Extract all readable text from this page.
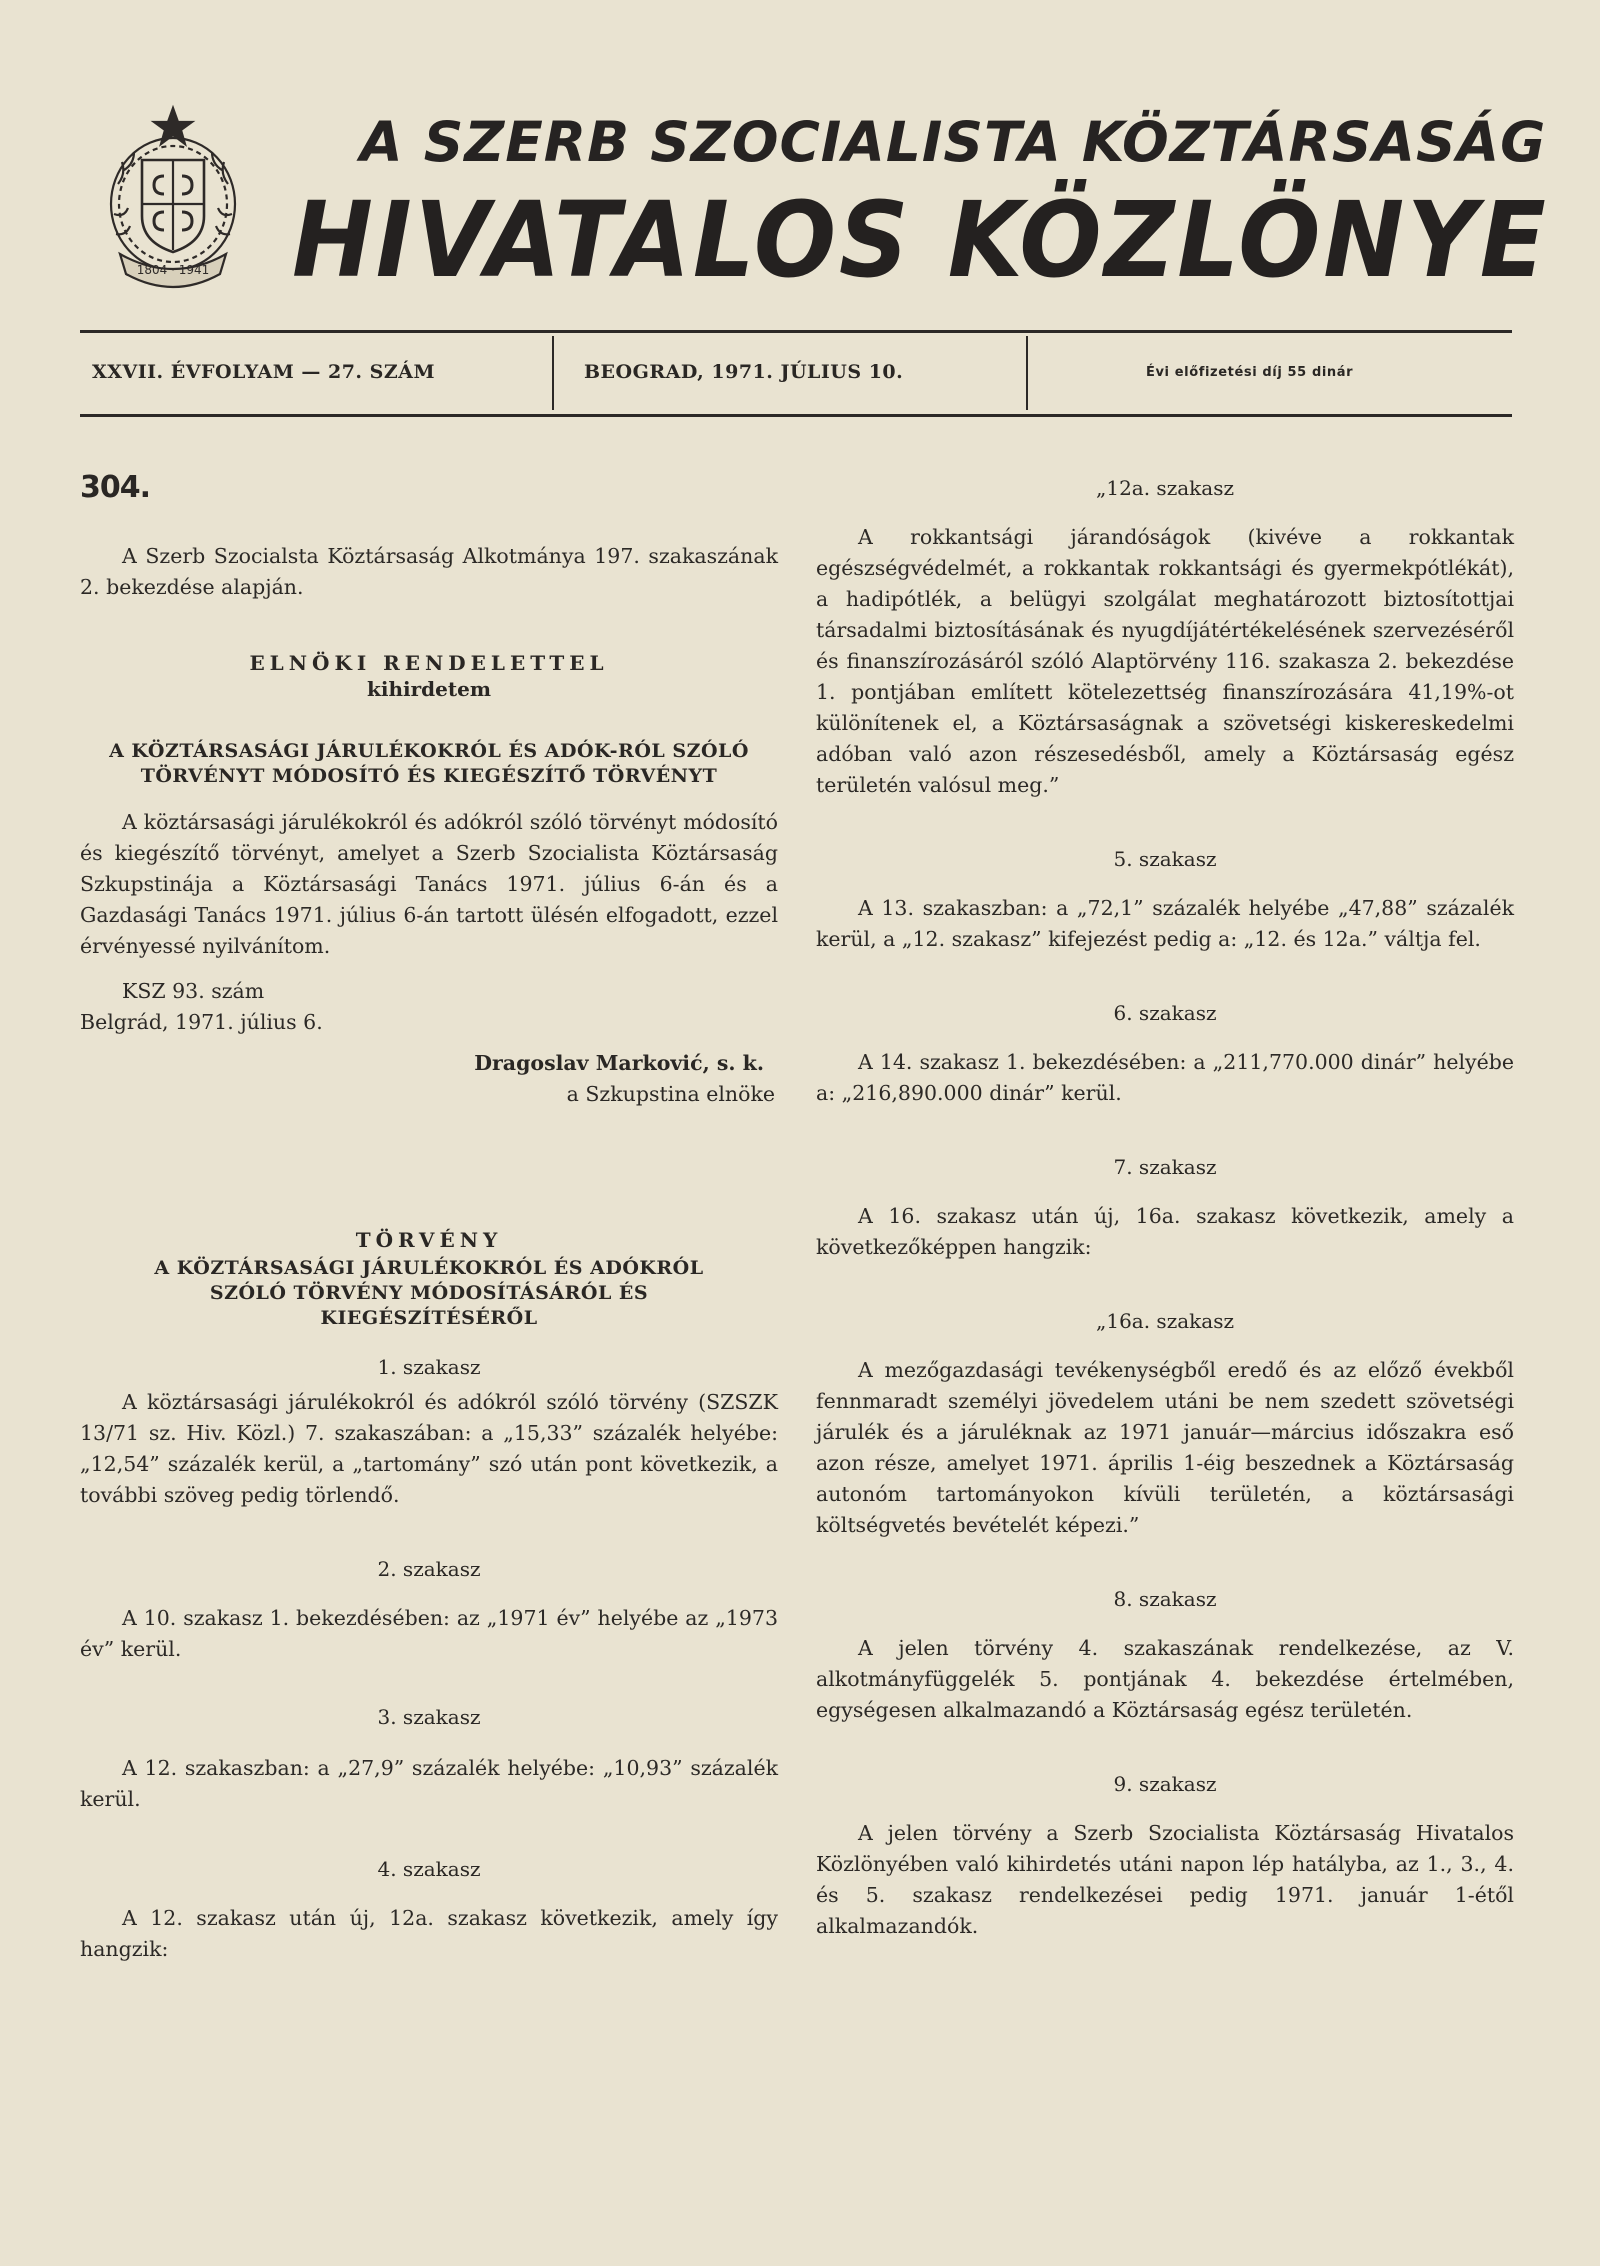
1804 · 1941
A SZERB SZOCIALISTA KÖZTÁRSASÁG
HIVATALOS KÖZLÖNYE
XXVII. ÉVFOLYAM — 27. SZÁM	BEOGRAD, 1971. JÚLIUS 10.	Évi előfizetési díj 55 dinár
304.

A Szerb Szocialsta Köztársaság Alkotmánya 197. szakaszának 2. bekezdése alapján.

ELNÖKI RENDELETTEL
kihirdetem
A KÖZTÁRSASÁGI JÁRULÉKOKRÓL ÉS ADÓK-RÓL SZÓLÓ TÖRVÉNYT MÓDOSÍTÓ ÉS KIEGÉSZÍTŐ TÖRVÉNYT

A köztársasági járulékokról és adókról szóló törvényt módosító és kiegészítő törvényt, amelyet a Szerb Szocialista Köztársaság Szkupstinája a Köztársasági Tanács 1971. július 6-án és a Gazdasági Tanács 1971. július 6-án tartott ülésén elfogadott, ezzel érvényessé nyilvánítom.

KSZ 93. szám

Belgrád, 1971. július 6.

Dragoslav Marković, s. k.
a Szkupstina elnöke
TÖRVÉNY
A KÖZTÁRSASÁGI JÁRULÉKOKRÓL ÉS ADÓKRÓL SZÓLÓ TÖRVÉNY MÓDOSÍTÁSÁRÓL ÉS KIEGÉSZÍTÉSÉRŐL
1. szakasz

A köztársasági járulékokról és adókról szóló törvény (SZSZK 13/71 sz. Hiv. Közl.) 7. szakaszában: a „15,33” százalék helyébe: „12,54” százalék kerül, a „tartomány” szó után pont következik, a további szöveg pedig törlendő.

2. szakasz

A 10. szakasz 1. bekezdésében: az „1971 év” helyébe az „1973 év” kerül.

3. szakasz

A 12. szakaszban: a „27,9” százalék helyébe: „10,93” százalék kerül.

4. szakasz

A 12. szakasz után új, 12a. szakasz következik, amely így hangzik:

„12a. szakasz

A rokkantsági járandóságok (kivéve a rokkantak egészségvédelmét, a rokkantak rokkantsági és gyermekpótlékát), a hadipótlék, a belügyi szolgálat meghatározott biztosítottjai társadalmi biztosításának és nyugdíjátértékelésének szervezéséről és finanszírozásáról szóló Alaptörvény 116. szakasza 2. bekezdése 1. pontjában említett kötelezettség finanszírozására 41,19%-ot különítenek el, a Köztársaságnak a szövetségi kiskereskedelmi adóban való azon részesedésből, amely a Köztársaság egész területén valósul meg.”

5. szakasz

A 13. szakaszban: a „72,1” százalék helyébe „47,88” százalék kerül, a „12. szakasz” kifejezést pedig a: „12. és 12a.” váltja fel.

6. szakasz

A 14. szakasz 1. bekezdésében: a „211,770.000 dinár” helyébe a: „216,890.000 dinár” kerül.

7. szakasz

A 16. szakasz után új, 16a. szakasz következik, amely a következőképpen hangzik:

„16a. szakasz

A mezőgazdasági tevékenységből eredő és az előző évekből fennmaradt személyi jövedelem utáni be nem szedett szövetségi járulék és a járuléknak az 1971 január—március időszakra eső azon része, amelyet 1971. április 1-éig beszednek a Köztársaság autonóm tartományokon kívüli területén, a köztársasági költségvetés bevételét képezi.”

8. szakasz

A jelen törvény 4. szakaszának rendelkezése, az V. alkotmányfüggelék 5. pontjának 4. bekezdése értelmében, egységesen alkalmazandó a Köztársaság egész területén.

9. szakasz

A jelen törvény a Szerb Szocialista Köztársaság Hivatalos Közlönyében való kihirdetés utáni napon lép hatályba, az 1., 3., 4. és 5. szakasz rendelkezései pedig 1971. január 1-étől alkalmazandók.
